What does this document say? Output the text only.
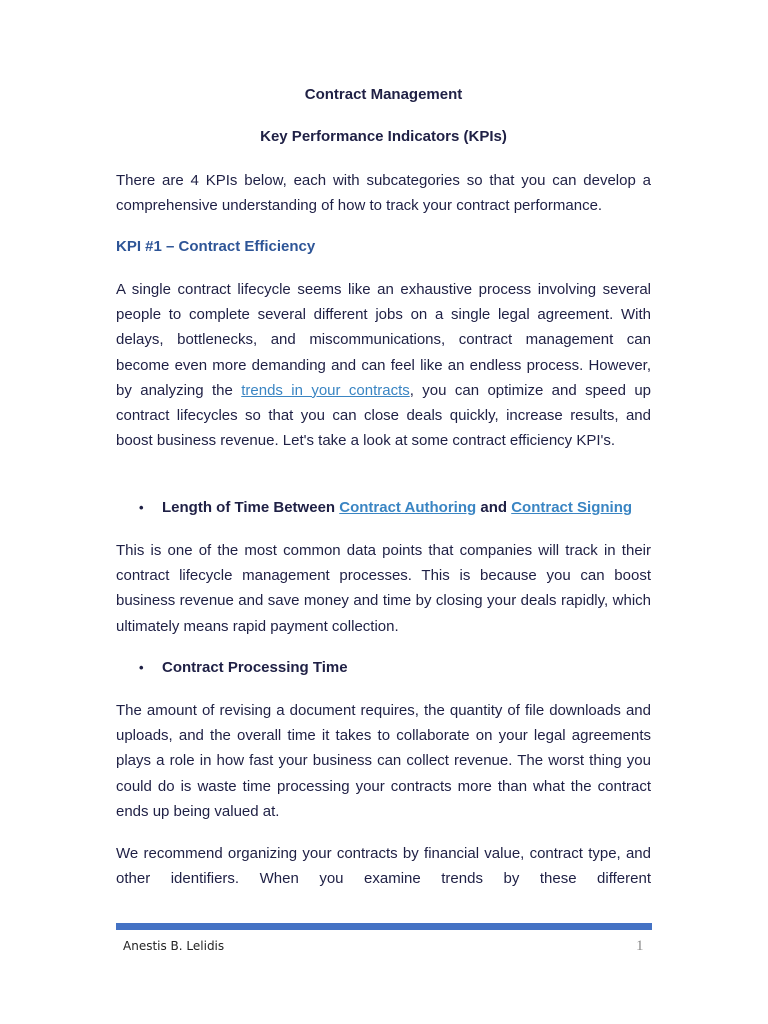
Contract Management

Key Performance Indicators (KPIs)

There are 4 KPIs below, each with subcategories so that you can develop a comprehensive understanding of how to track your contract performance.

KPI #1 – Contract Efficiency

A single contract lifecycle seems like an exhaustive process involving several people to complete several different jobs on a single legal agreement. With delays, bottlenecks, and miscommunications, contract management can become even more demanding and can feel like an endless process. However, by analyzing the trends in your contracts, you can optimize and speed up contract lifecycles so that you can close deals quickly, increase results, and boost business revenue. Let's take a look at some contract efficiency KPI's.

• Length of Time Between Contract Authoring and Contract Signing

This is one of the most common data points that companies will track in their contract lifecycle management processes. This is because you can boost business revenue and save money and time by closing your deals rapidly, which ultimately means rapid payment collection.

• Contract Processing Time

The amount of revising a document requires, the quantity of file downloads and uploads, and the overall time it takes to collaborate on your legal agreements plays a role in how fast your business can collect revenue. The worst thing you could do is waste time processing your contracts more than what the contract ends up being valued at.

We recommend organizing your contracts by financial value, contract type, and other identifiers. When you examine trends by these different

Anestis B. Lelidis	1
